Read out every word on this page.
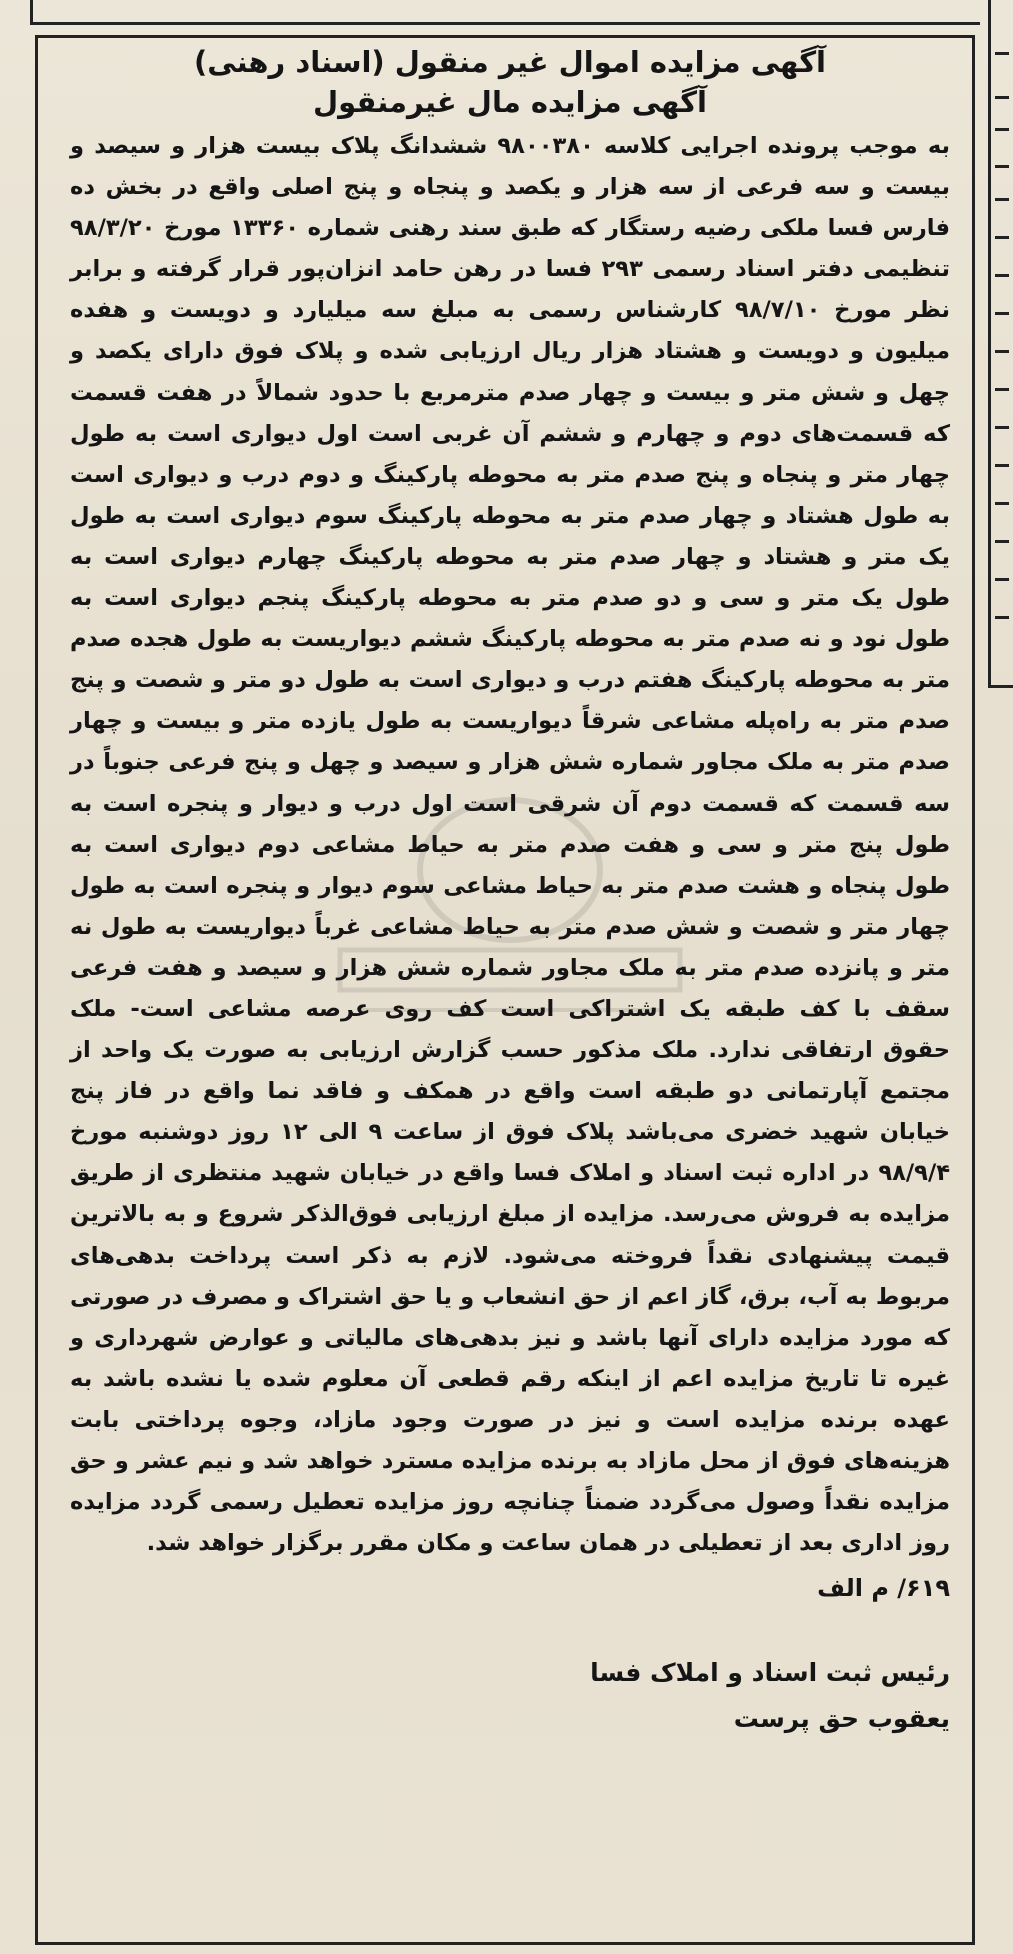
آگهی مزایده اموال غیر منقول (اسناد رهنی)
آگهی مزایده مال غیرمنقول

به موجب پرونده اجرایی کلاسه ۹۸۰۰۳۸۰ ششدانگ پلاک بیست هزار و سیصد و بیست و سه فرعی از سه هزار و یکصد و پنجاه و پنج اصلی واقع در بخش ده فارس فسا ملکی رضیه رستگار که طبق سند رهنی شماره ۱۳۳۶۰ مورخ ۹۸/۳/۲۰ تنظیمی دفتر اسناد رسمی ۲۹۳ فسا در رهن حامد انزان‌پور قرار گرفته و برابر نظر مورخ ۹۸/۷/۱۰ کارشناس رسمی به مبلغ سه میلیارد و دویست و هفده میلیون و دویست و هشتاد هزار ریال ارزیابی شده و پلاک فوق دارای یکصد و چهل و شش متر و بیست و چهار صدم مترمربع با حدود شمالاً در هفت قسمت که قسمت‌های دوم و چهارم و ششم آن غربی است اول دیواری است به طول چهار متر و پنجاه و پنج صدم متر به محوطه پارکینگ و دوم درب و دیواری است به طول هشتاد و چهار صدم متر به محوطه پارکینگ سوم دیواری است به طول یک متر و هشتاد و چهار صدم متر به محوطه پارکینگ چهارم دیواری است به طول یک متر و سی و دو صدم متر به محوطه پارکینگ پنجم دیواری است به طول نود و نه صدم متر به محوطه پارکینگ ششم دیواریست به طول هجده صدم متر به محوطه پارکینگ هفتم درب و دیواری است به طول دو متر و شصت و پنج صدم متر به راه‌پله مشاعی شرقاً دیواریست به طول یازده متر و بیست و چهار صدم متر به ملک مجاور شماره شش هزار و سیصد و چهل و پنج فرعی جنوباً در سه قسمت که قسمت دوم آن شرقی است اول درب و دیوار و پنجره است به طول پنج متر و سی و هفت صدم متر به حیاط مشاعی دوم دیواری است به طول پنجاه و هشت صدم متر به حیاط مشاعی سوم دیوار و پنجره است به طول چهار متر و شصت و شش صدم متر به حیاط مشاعی غرباً دیواریست به طول نه متر و پانزده صدم متر به ملک مجاور شماره شش هزار و سیصد و هفت فرعی سقف با کف طبقه یک اشتراکی است کف روی عرصه مشاعی است- ملک حقوق ارتفاقی ندارد. ملک مذکور حسب گزارش ارزیابی به صورت یک واحد از مجتمع آپارتمانی دو طبقه است واقع در همکف و فاقد نما واقع در فاز پنج خیابان شهید خضری می‌باشد پلاک فوق از ساعت ۹ الی ۱۲ روز دوشنبه مورخ ۹۸/۹/۴ در اداره ثبت اسناد و املاک فسا واقع در خیابان شهید منتظری از طریق مزایده به فروش می‌رسد. مزایده از مبلغ ارزیابی فوق‌الذکر شروع و به بالاترین قیمت پیشنهادی نقداً فروخته می‌شود. لازم به ذکر است پرداخت بدهی‌های مربوط به آب، برق، گاز اعم از حق انشعاب و یا حق اشتراک و مصرف در صورتی که مورد مزایده دارای آنها باشد و نیز بدهی‌های مالیاتی و عوارض شهرداری و غیره تا تاریخ مزایده اعم از اینکه رقم قطعی آن معلوم شده یا نشده باشد به عهده برنده مزایده است و نیز در صورت وجود مازاد، وجوه پرداختی بابت هزینه‌های فوق از محل مازاد به برنده مزایده مسترد خواهد شد و نیم عشر و حق مزایده نقداً وصول می‌گردد ضمناً چنانچه روز مزایده تعطیل رسمی گردد مزایده روز اداری بعد از تعطیلی در همان ساعت و مکان مقرر برگزار خواهد شد.

۶۱۹/ م الف
رئیس ثبت اسناد و املاک فسا
یعقوب حق پرست
